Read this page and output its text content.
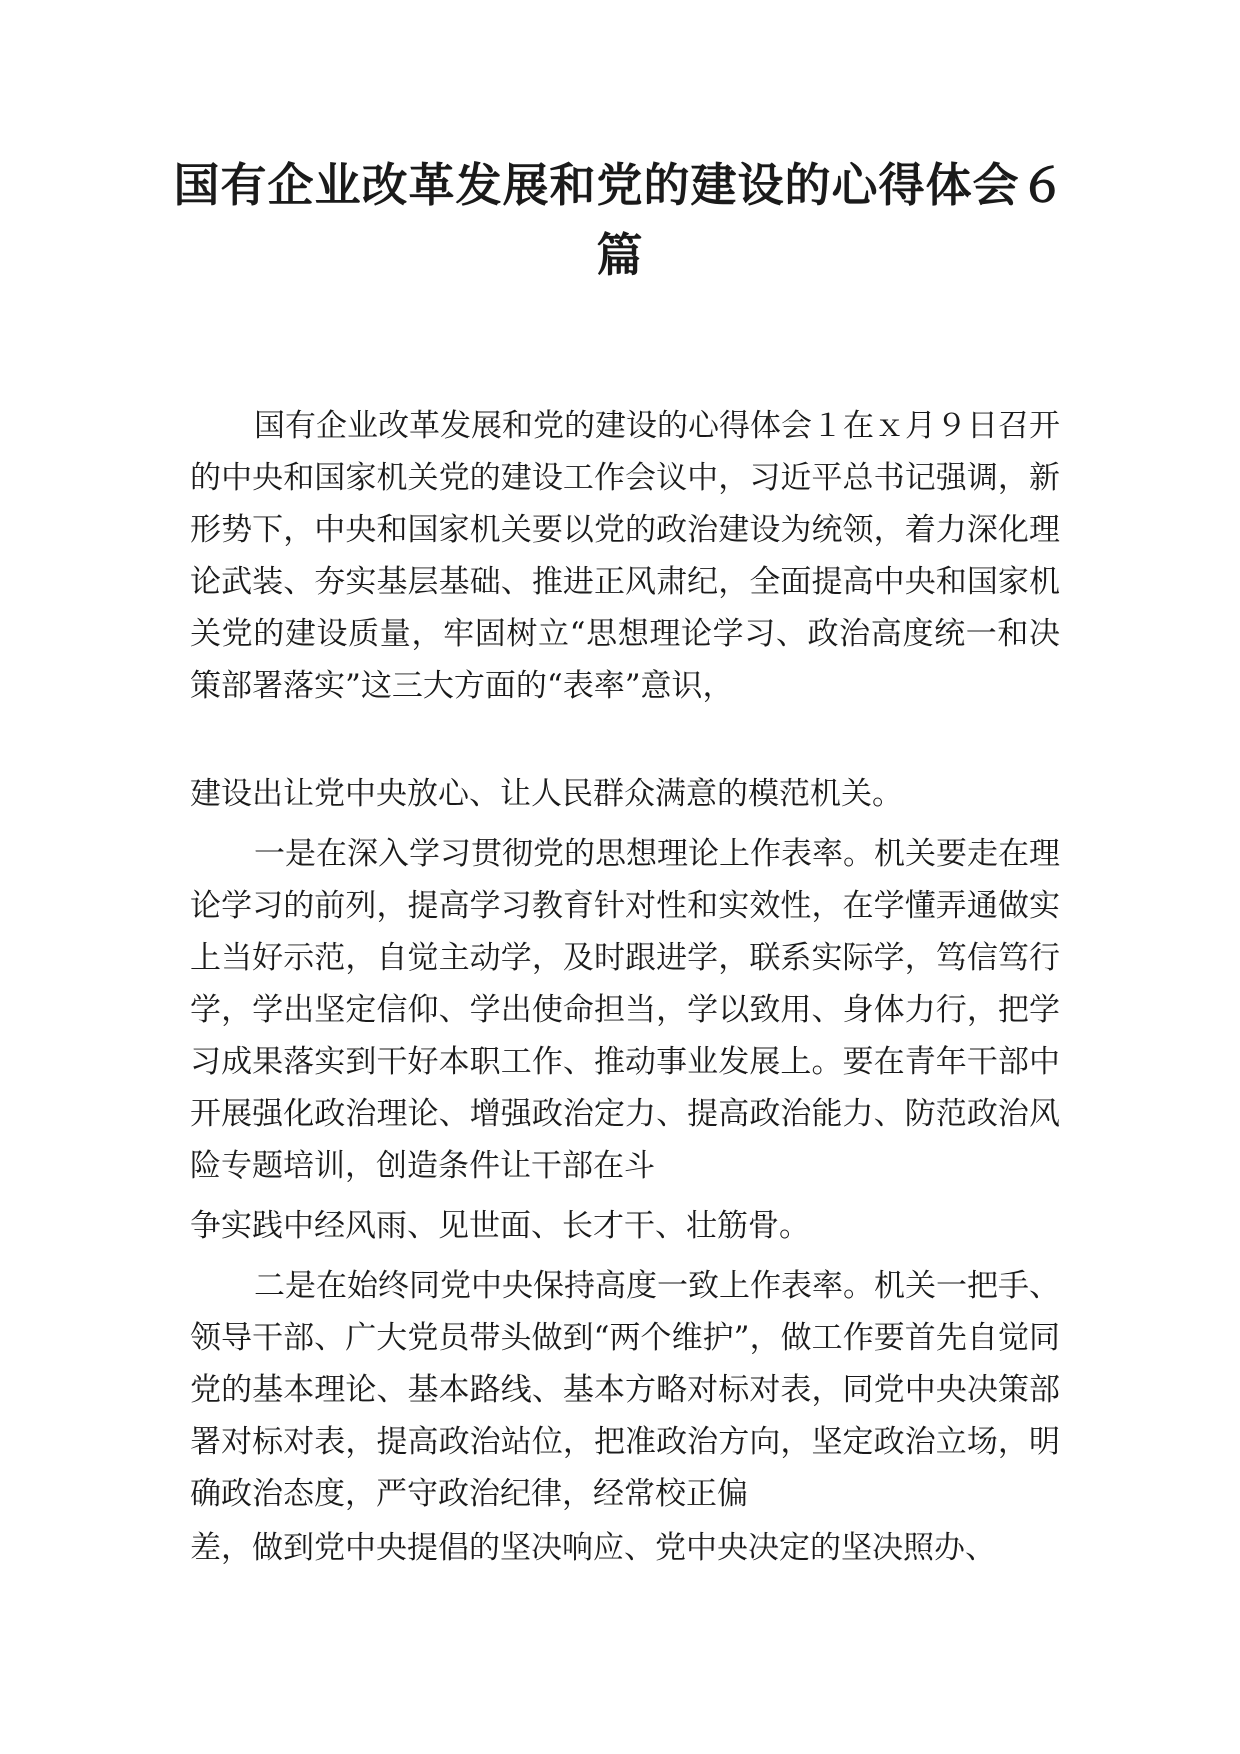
国有企业改革发展和党的建设的心得体会６篇

国有企业改革发展和党的建设的心得体会１在ｘ月９日召开的中央和国家机关党的建设工作会议中，习近平总书记强调，新形势下，中央和国家机关要以党的政治建设为统领，着力深化理论武装、夯实基层基础、推进正风肃纪，全面提高中央和国家机关党的建设质量，牢固树立“思想理论学习、政治高度统一和决策部署落实”这三大方面的“表率”意识，

建设出让党中央放心、让人民群众满意的模范机关。

一是在深入学习贯彻党的思想理论上作表率。机关要走在理论学习的前列，提高学习教育针对性和实效性，在学懂弄通做实上当好示范，自觉主动学，及时跟进学，联系实际学，笃信笃行学，学出坚定信仰、学出使命担当，学以致用、身体力行，把学习成果落实到干好本职工作、推动事业发展上。要在青年干部中开展强化政治理论、增强政治定力、提高政治能力、防范政治风险专题培训，创造条件让干部在斗

争实践中经风雨、见世面、长才干、壮筋骨。

二是在始终同党中央保持高度一致上作表率。机关一把手、领导干部、广大党员带头做到“两个维护”，做工作要首先自觉同党的基本理论、基本路线、基本方略对标对表，同党中央决策部署对标对表，提高政治站位，把准政治方向，坚定政治立场，明确政治态度，严守政治纪律，经常校正偏

差，做到党中央提倡的坚决响应、党中央决定的坚决照办、
